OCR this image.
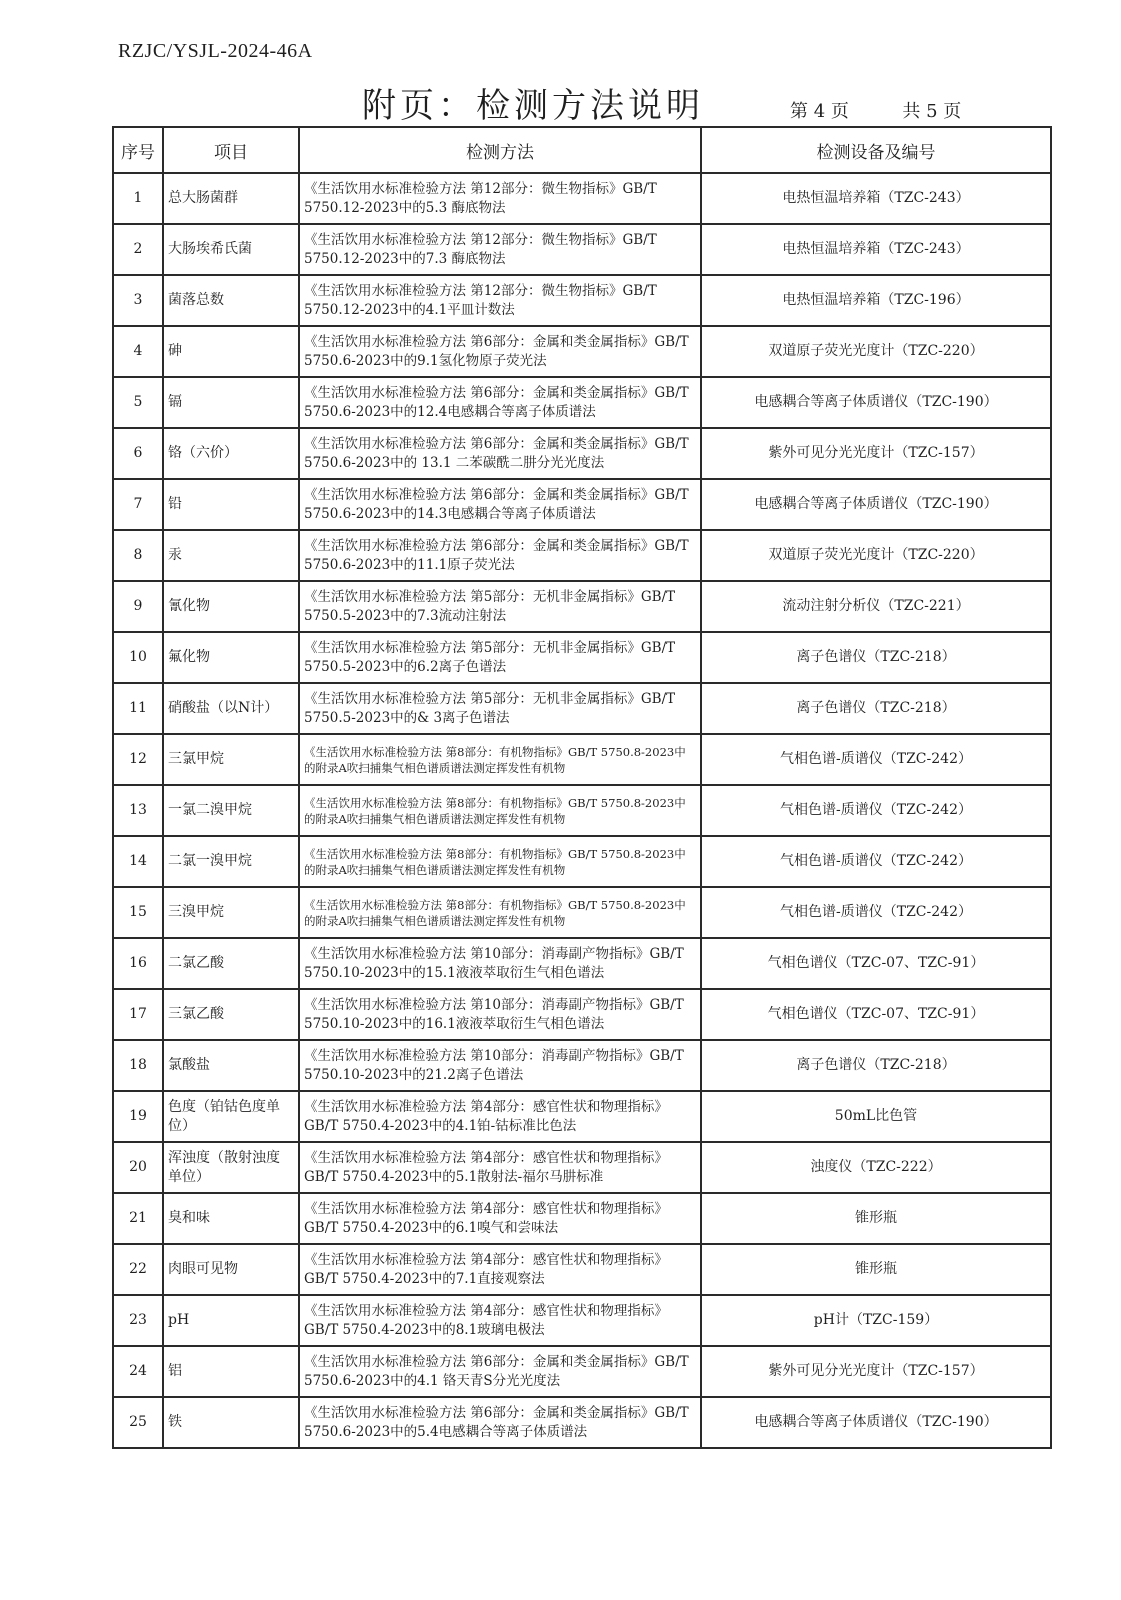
RZJC/YSJL-2024-46A
附页：检测方法说明	第 4 页	共 5 页
序号	项目	检测方法	检测设备及编号
1	总大肠菌群	《生活饮用水标准检验方法 第12部分：微生物指标》GB/T 5750.12-2023中的5.3 酶底物法	电热恒温培养箱（TZC-243）
2	大肠埃希氏菌	《生活饮用水标准检验方法 第12部分：微生物指标》GB/T 5750.12-2023中的7.3 酶底物法	电热恒温培养箱（TZC-243）
3	菌落总数	《生活饮用水标准检验方法 第12部分：微生物指标》GB/T 5750.12-2023中的4.1平皿计数法	电热恒温培养箱（TZC-196）
4	砷	《生活饮用水标准检验方法 第6部分：金属和类金属指标》GB/T 5750.6-2023中的9.1氢化物原子荧光法	双道原子荧光光度计（TZC-220）
5	镉	《生活饮用水标准检验方法 第6部分：金属和类金属指标》GB/T 5750.6-2023中的12.4电感耦合等离子体质谱法	电感耦合等离子体质谱仪（TZC-190）
6	铬（六价）	《生活饮用水标准检验方法 第6部分：金属和类金属指标》GB/T 5750.6-2023中的 13.1 二苯碳酰二肼分光光度法	紫外可见分光光度计（TZC-157）
7	铅	《生活饮用水标准检验方法 第6部分：金属和类金属指标》GB/T 5750.6-2023中的14.3电感耦合等离子体质谱法	电感耦合等离子体质谱仪（TZC-190）
8	汞	《生活饮用水标准检验方法 第6部分：金属和类金属指标》GB/T 5750.6-2023中的11.1原子荧光法	双道原子荧光光度计（TZC-220）
9	氰化物	《生活饮用水标准检验方法 第5部分：无机非金属指标》GB/T 5750.5-2023中的7.3流动注射法	流动注射分析仪（TZC-221）
10	氟化物	《生活饮用水标准检验方法 第5部分：无机非金属指标》GB/T 5750.5-2023中的6.2离子色谱法	离子色谱仪（TZC-218）
11	硝酸盐（以N计）	《生活饮用水标准检验方法 第5部分：无机非金属指标》GB/T 5750.5-2023中的& 3离子色谱法	离子色谱仪（TZC-218）
12	三氯甲烷	《生活饮用水标准检验方法 第8部分：有机物指标》GB/T 5750.8-2023中的附录A吹扫捕集气相色谱质谱法测定挥发性有机物	气相色谱-质谱仪（TZC-242）
13	一氯二溴甲烷	《生活饮用水标准检验方法 第8部分：有机物指标》GB/T 5750.8-2023中的附录A吹扫捕集气相色谱质谱法测定挥发性有机物	气相色谱-质谱仪（TZC-242）
14	二氯一溴甲烷	《生活饮用水标准检验方法 第8部分：有机物指标》GB/T 5750.8-2023中的附录A吹扫捕集气相色谱质谱法测定挥发性有机物	气相色谱-质谱仪（TZC-242）
15	三溴甲烷	《生活饮用水标准检验方法 第8部分：有机物指标》GB/T 5750.8-2023中的附录A吹扫捕集气相色谱质谱法测定挥发性有机物	气相色谱-质谱仪（TZC-242）
16	二氯乙酸	《生活饮用水标准检验方法 第10部分：消毒副产物指标》GB/T 5750.10-2023中的15.1液液萃取衍生气相色谱法	气相色谱仪（TZC-07、TZC-91）
17	三氯乙酸	《生活饮用水标准检验方法 第10部分：消毒副产物指标》GB/T 5750.10-2023中的16.1液液萃取衍生气相色谱法	气相色谱仪（TZC-07、TZC-91）
18	氯酸盐	《生活饮用水标准检验方法 第10部分：消毒副产物指标》GB/T 5750.10-2023中的21.2离子色谱法	离子色谱仪（TZC-218）
19	色度（铂钴色度单位）	《生活饮用水标准检验方法 第4部分：感官性状和物理指标》GB/T 5750.4-2023中的4.1铂-钴标准比色法	50mL比色管
20	浑浊度（散射浊度单位）	《生活饮用水标准检验方法 第4部分：感官性状和物理指标》GB/T 5750.4-2023中的5.1散射法-福尔马肼标准	浊度仪（TZC-222）
21	臭和味	《生活饮用水标准检验方法 第4部分：感官性状和物理指标》GB/T 5750.4-2023中的6.1嗅气和尝味法	锥形瓶
22	肉眼可见物	《生活饮用水标准检验方法 第4部分：感官性状和物理指标》GB/T 5750.4-2023中的7.1直接观察法	锥形瓶
23	pH	《生活饮用水标准检验方法 第4部分：感官性状和物理指标》GB/T 5750.4-2023中的8.1玻璃电极法	pH计（TZC-159）
24	铝	《生活饮用水标准检验方法 第6部分：金属和类金属指标》GB/T 5750.6-2023中的4.1 铬天青S分光光度法	紫外可见分光光度计（TZC-157）
25	铁	《生活饮用水标准检验方法 第6部分：金属和类金属指标》GB/T 5750.6-2023中的5.4电感耦合等离子体质谱法	电感耦合等离子体质谱仪（TZC-190）
